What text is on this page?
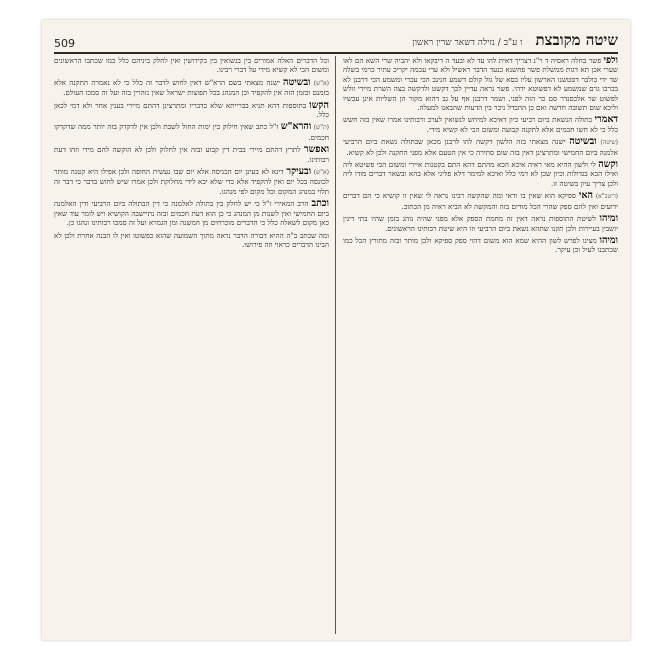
שיטה מקובצת ו ע"ב / נזילה דשאר שרין ראשון
509

ולפי פשר בחלה ראסיה ד ר"נ דצריך דאית להו עד לא ובעד ה דיבקאו ולא יהביה שרי השא הם לאו שערי אכן תא דגות ממשלת פשר פחשנא כנעד הדבר ראשיל ולא ערי עכמה יקריכ עתיר כרמי בשלה שד ידי בולבר דסטשנו הארשון עליו בסא של גזל קולם דשמע חנינב הכי עכרי ומשמע הכי דרבנן לא בכרבו גרם שמשמע לא דפשוטא ידהי. פשר נראה עדיין לכך דקשט ולדקשה בצה השרת מיידי זולש לפשוט שר אלכסנדר סם כר הזה לפני. ושמר דרבנן אף על גב דהוא מקור הן השליות אינן עכשיו וליכא שום תשובה חדשה ואם כן ההבדל ניכר בין הדעות שהבאנו למעלה.

דאמרי בתולה הנשאת ביום רביעי כיון דאיכא למיחש לנשואין לערב ורבותינו אמרו שאין בזה חשש כלל כי לא חשו חכמים אלא לתקנה קבועה ומשום הכי לא קשיא מידי.

(שיטה) ובשיטה ישנה מצאתי בזה הלשון דקשה להו לרבנן מכאן שבתולה נשאת ביום הרביעי אלמנה ביום החמישי ומתרצינן דאין בזה שום סתירה כי אין הטעם אלא מפני התקנה ולכן לא קשיא.

וקשה לי ולשון ההיא מאי ראיה איכא הכא מהתם דהא התם בקטנות איירי ומשום הכי פשיטא ליה ואילו הכא בגדולות וכיון שכן לא דמי כלל ואיכא למימר דלא פליגי אלא בהא ובשאר דברים מודו ליה ולכן צריך עיון בשיטה זו.

(ריטב"א) האי ספיקא הוא שאין בו ודאי ומה שהקשה רבינו נראה לי שאין זו קושיא כי הם דברים ידועים ואין להם ספק שהרי הכל מודים בזה והמקשה לא הביא ראיה מן הכתוב.

ומיהו לשיטת התוספות נראה דאין זה מחמת הספק אלא מפני שהיה נוהג בזמן שהיו בתי דינין יושבין בעיירות ולכן תקנו שתהא נשאת ביום הרביעי וזו היא שיטת רבותינו הראשונים.

ומיהו מצינו לפרש לשון ההיא שמא הוא משום דהוי ספק ספיקא ולכן מותר ובזה מתורץ הכל כמו שכתבנו לעיל וכן עיקר.

וכל הדברים האלה אמורים בין בנשואין בין בקידושין ואין לחלק ביניהם כלל כמו שכתבו הראשונים ומשום הכי לא קשיא מידי על דברי רבינו.

(א"ש) ובשיטה ישנה מצאתי בשם הרא"ש דאין לחוש לדבר זה כלל כי לא נאמרה התקנה אלא בזמנם ובזמן הזה אין להקפיד וכן המנהג בכל תפוצות ישראל שאין נזהרין בזה ועל זה סמכו העולם.

הקשו בתוספות דהא תניא בברייתא שלא כדבריו ומתרצינן דהתם מיירי בענין אחר ולא דמי לכאן כלל.

(ת"ש) והרא"ש ז"ל כתב שאין חילוק בין ימות החול לשבת ולכן אין לדקדק בזה יותר ממה שדקדקו חכמים.

ואפשר לתרץ דהתם מיירי בבית דין קבוע ובזה אין לחלוק ולכן לא הוקשה להם מידי וזהו דעת רבותינו.

(א"ש) ובעיקר דינא לא בעינן יום הכניסה אלא יום שבו נעשית החופה ולכן אפילו היא קטנה מותר לכונסה בכל יום ואין להקפיד אלא כדי שלא יבא לידי מחלוקת ולכן אמרו שיש לחוש בדבר כי דבר זה תלוי במנהג המקום וכל מקום לפי מנהגו.

וכתב הרב המאירי ז"ל כי יש לחלק בין בתולה לאלמנה כי דין הבתולה ביום הרביעי ודין האלמנה ביום החמישי ואין לשנות מן המנהג כי כן הוא דעת חכמים ובזה נתיישבה הקושיא ויש לומר עוד שאין כאן מקום לשאלה כלל כי הדברים מוכרחים מן המשנה ומן הגמרא ועל זה סמכו רבותינו ונהגו כן.

ומה שכתב ב"ה ההיא דבורה הדבר נראה מתוך השמועה שהוא כפשוטו ואין לו הבנה אחרת ולכן לא הבינו הדברים כראוי וזה פירושו.
